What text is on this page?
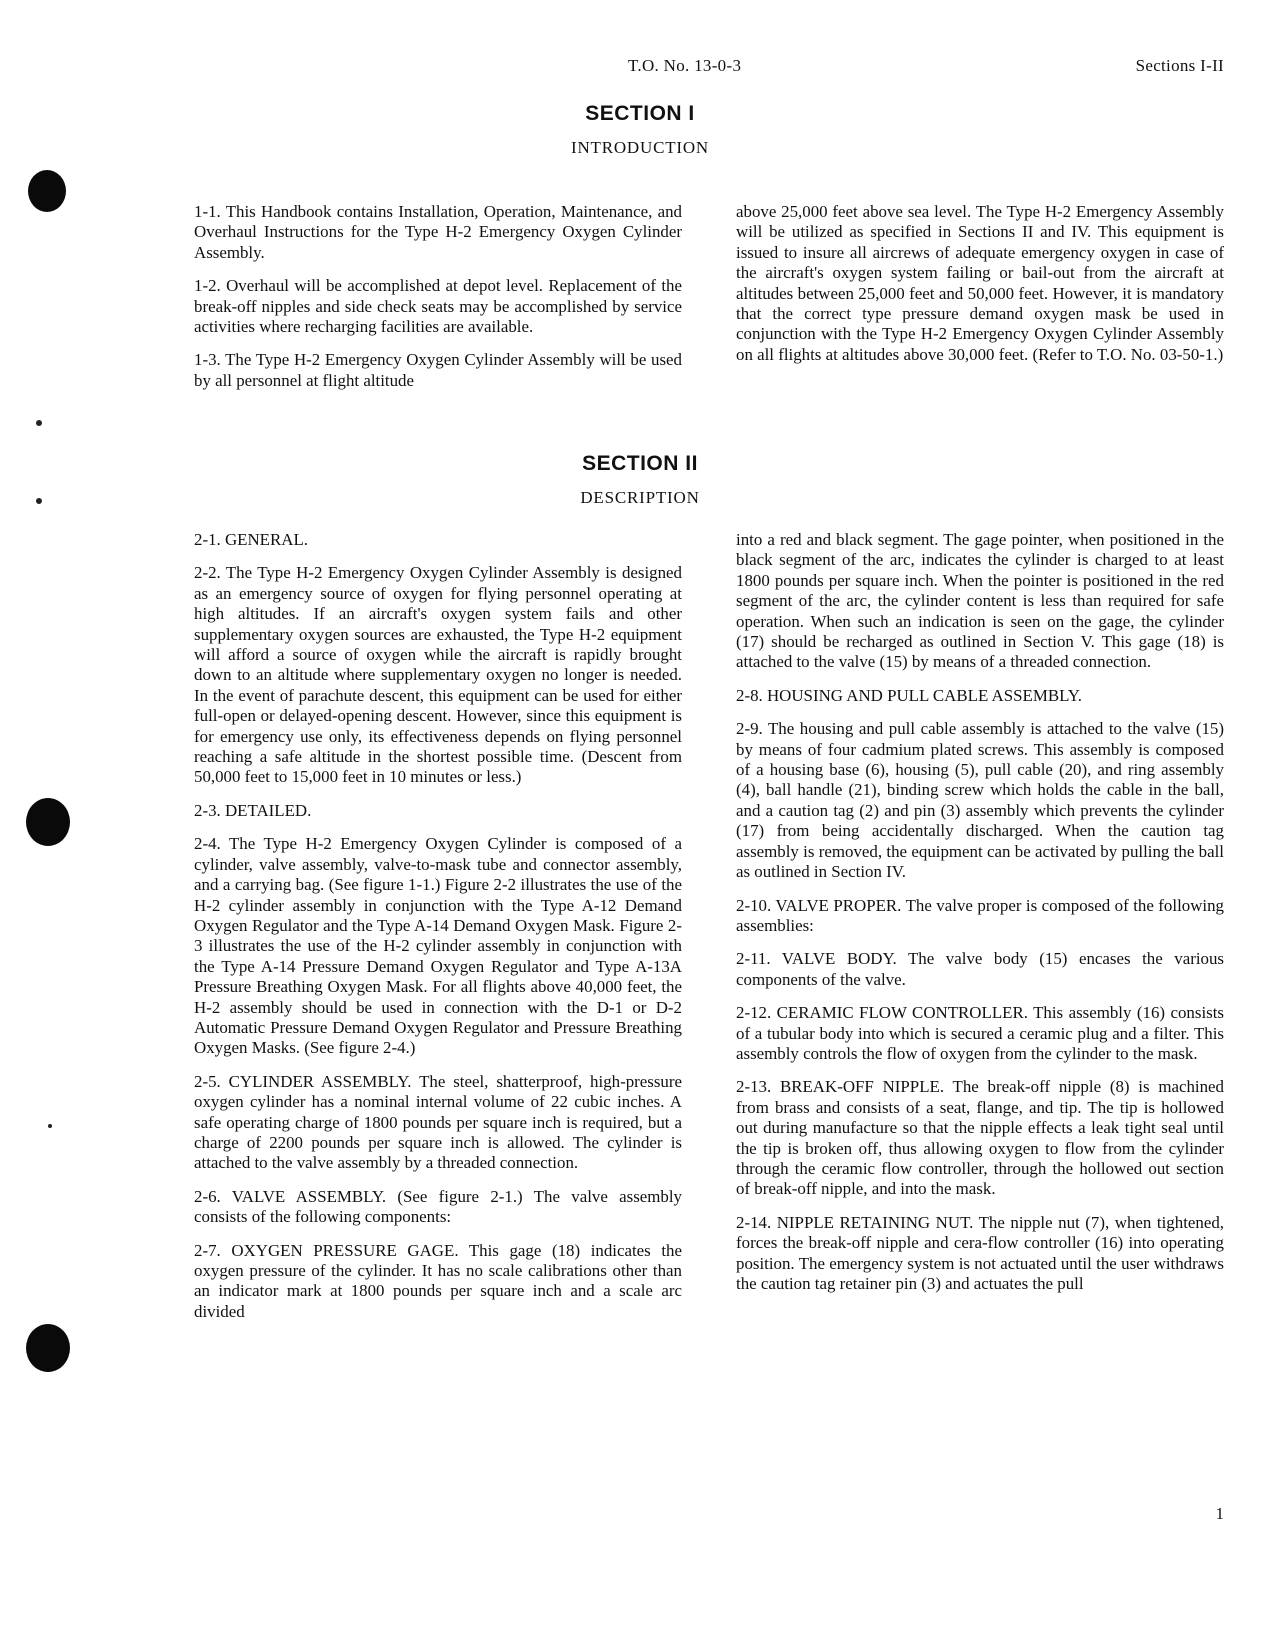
T.O. No. 13-0-3	Sections I-II
SECTION I
INTRODUCTION

1-1. This Handbook contains Installation, Operation, Maintenance, and Overhaul Instructions for the Type H-2 Emergency Oxygen Cylinder Assembly.

1-2. Overhaul will be accomplished at depot level. Replacement of the break-off nipples and side check seats may be accomplished by service activities where recharging facilities are available.

1-3. The Type H-2 Emergency Oxygen Cylinder Assembly will be used by all personnel at flight altitude

above 25,000 feet above sea level. The Type H-2 Emergency Assembly will be utilized as specified in Sections II and IV. This equipment is issued to insure all aircrews of adequate emergency oxygen in case of the aircraft's oxygen system failing or bail-out from the aircraft at altitudes between 25,000 feet and 50,000 feet. However, it is mandatory that the correct type pressure demand oxygen mask be used in conjunction with the Type H-2 Emergency Oxygen Cylinder Assembly on all flights at altitudes above 30,000 feet. (Refer to T.O. No. 03-50-1.)

SECTION II
DESCRIPTION

2-1. GENERAL.

2-2. The Type H-2 Emergency Oxygen Cylinder Assembly is designed as an emergency source of oxygen for flying personnel operating at high altitudes. If an aircraft's oxygen system fails and other supplementary oxygen sources are exhausted, the Type H-2 equipment will afford a source of oxygen while the aircraft is rapidly brought down to an altitude where supplementary oxygen no longer is needed. In the event of parachute descent, this equipment can be used for either full-open or delayed-opening descent. However, since this equipment is for emergency use only, its effectiveness depends on flying personnel reaching a safe altitude in the shortest possible time. (Descent from 50,000 feet to 15,000 feet in 10 minutes or less.)

2-3. DETAILED.

2-4. The Type H-2 Emergency Oxygen Cylinder is composed of a cylinder, valve assembly, valve-to-mask tube and connector assembly, and a carrying bag. (See figure 1-1.) Figure 2-2 illustrates the use of the H-2 cylinder assembly in conjunction with the Type A-12 Demand Oxygen Regulator and the Type A-14 Demand Oxygen Mask. Figure 2-3 illustrates the use of the H-2 cylinder assembly in conjunction with the Type A-14 Pressure Demand Oxygen Regulator and Type A-13A Pressure Breathing Oxygen Mask. For all flights above 40,000 feet, the H-2 assembly should be used in connection with the D-1 or D-2 Automatic Pressure Demand Oxygen Regulator and Pressure Breathing Oxygen Masks. (See figure 2-4.)

2-5. CYLINDER ASSEMBLY. The steel, shatterproof, high-pressure oxygen cylinder has a nominal internal volume of 22 cubic inches. A safe operating charge of 1800 pounds per square inch is required, but a charge of 2200 pounds per square inch is allowed. The cylinder is attached to the valve assembly by a threaded connection.

2-6. VALVE ASSEMBLY. (See figure 2-1.) The valve assembly consists of the following components:

2-7. OXYGEN PRESSURE GAGE. This gage (18) indicates the oxygen pressure of the cylinder. It has no scale calibrations other than an indicator mark at 1800 pounds per square inch and a scale arc divided

into a red and black segment. The gage pointer, when positioned in the black segment of the arc, indicates the cylinder is charged to at least 1800 pounds per square inch. When the pointer is positioned in the red segment of the arc, the cylinder content is less than required for safe operation. When such an indication is seen on the gage, the cylinder (17) should be recharged as outlined in Section V. This gage (18) is attached to the valve (15) by means of a threaded connection.

2-8. HOUSING AND PULL CABLE ASSEMBLY.

2-9. The housing and pull cable assembly is attached to the valve (15) by means of four cadmium plated screws. This assembly is composed of a housing base (6), housing (5), pull cable (20), and ring assembly (4), ball handle (21), binding screw which holds the cable in the ball, and a caution tag (2) and pin (3) assembly which prevents the cylinder (17) from being accidentally discharged. When the caution tag assembly is removed, the equipment can be activated by pulling the ball as outlined in Section IV.

2-10. VALVE PROPER. The valve proper is composed of the following assemblies:

2-11. VALVE BODY. The valve body (15) encases the various components of the valve.

2-12. CERAMIC FLOW CONTROLLER. This assembly (16) consists of a tubular body into which is secured a ceramic plug and a filter. This assembly controls the flow of oxygen from the cylinder to the mask.

2-13. BREAK-OFF NIPPLE. The break-off nipple (8) is machined from brass and consists of a seat, flange, and tip. The tip is hollowed out during manufacture so that the nipple effects a leak tight seal until the tip is broken off, thus allowing oxygen to flow from the cylinder through the ceramic flow controller, through the hollowed out section of break-off nipple, and into the mask.

2-14. NIPPLE RETAINING NUT. The nipple nut (7), when tightened, forces the break-off nipple and cera-flow controller (16) into operating position. The emergency system is not actuated until the user withdraws the caution tag retainer pin (3) and actuates the pull

1
